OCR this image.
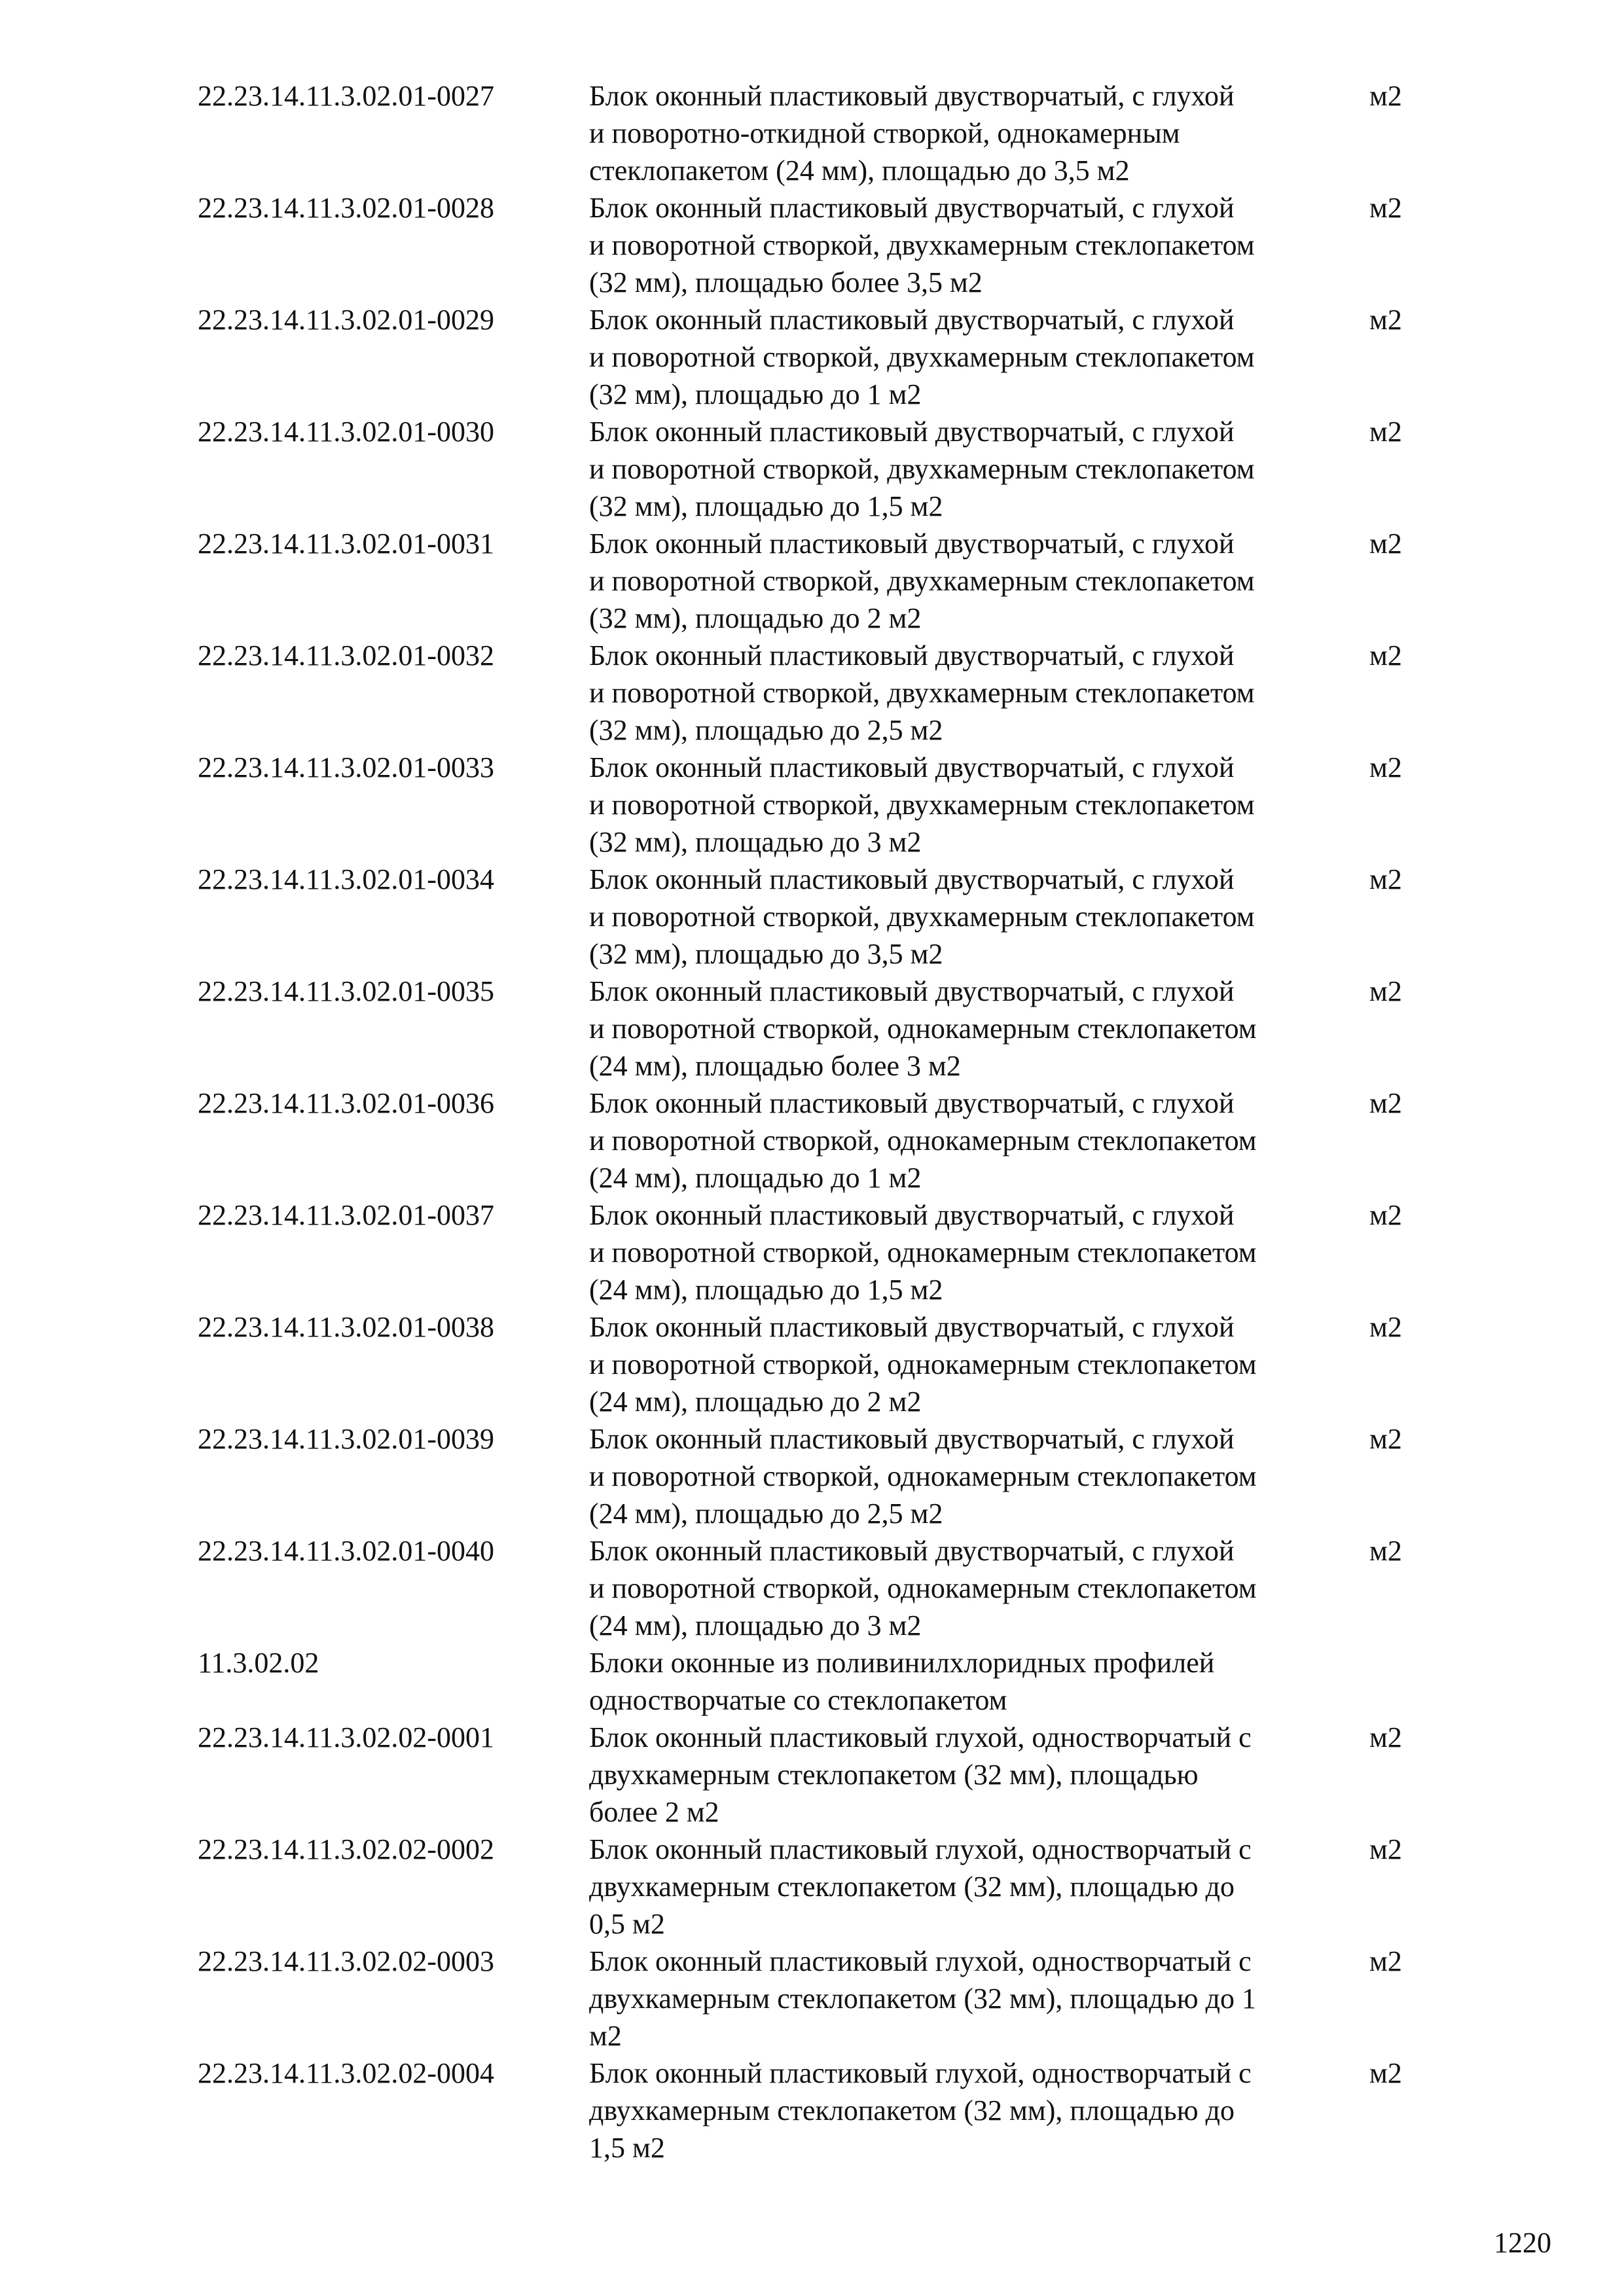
22.23.14.11.3.02.01-0027	Блок оконный пластиковый двустворчатый, с глухой
и поворотно-откидной створкой, однокамерным
стеклопакетом (24 мм), площадью до 3,5 м2	м2
22.23.14.11.3.02.01-0028	Блок оконный пластиковый двустворчатый, с глухой
и поворотной створкой, двухкамерным стеклопакетом
(32 мм), площадью более 3,5 м2	м2
22.23.14.11.3.02.01-0029	Блок оконный пластиковый двустворчатый, с глухой
и поворотной створкой, двухкамерным стеклопакетом
(32 мм), площадью до 1 м2	м2
22.23.14.11.3.02.01-0030	Блок оконный пластиковый двустворчатый, с глухой
и поворотной створкой, двухкамерным стеклопакетом
(32 мм), площадью до 1,5 м2	м2
22.23.14.11.3.02.01-0031	Блок оконный пластиковый двустворчатый, с глухой
и поворотной створкой, двухкамерным стеклопакетом
(32 мм), площадью до 2 м2	м2
22.23.14.11.3.02.01-0032	Блок оконный пластиковый двустворчатый, с глухой
и поворотной створкой, двухкамерным стеклопакетом
(32 мм), площадью до 2,5 м2	м2
22.23.14.11.3.02.01-0033	Блок оконный пластиковый двустворчатый, с глухой
и поворотной створкой, двухкамерным стеклопакетом
(32 мм), площадью до 3 м2	м2
22.23.14.11.3.02.01-0034	Блок оконный пластиковый двустворчатый, с глухой
и поворотной створкой, двухкамерным стеклопакетом
(32 мм), площадью до 3,5 м2	м2
22.23.14.11.3.02.01-0035	Блок оконный пластиковый двустворчатый, с глухой
и поворотной створкой, однокамерным стеклопакетом
(24 мм), площадью более 3 м2	м2
22.23.14.11.3.02.01-0036	Блок оконный пластиковый двустворчатый, с глухой
и поворотной створкой, однокамерным стеклопакетом
(24 мм), площадью до 1 м2	м2
22.23.14.11.3.02.01-0037	Блок оконный пластиковый двустворчатый, с глухой
и поворотной створкой, однокамерным стеклопакетом
(24 мм), площадью до 1,5 м2	м2
22.23.14.11.3.02.01-0038	Блок оконный пластиковый двустворчатый, с глухой
и поворотной створкой, однокамерным стеклопакетом
(24 мм), площадью до 2 м2	м2
22.23.14.11.3.02.01-0039	Блок оконный пластиковый двустворчатый, с глухой
и поворотной створкой, однокамерным стеклопакетом
(24 мм), площадью до 2,5 м2	м2
22.23.14.11.3.02.01-0040	Блок оконный пластиковый двустворчатый, с глухой
и поворотной створкой, однокамерным стеклопакетом
(24 мм), площадью до 3 м2	м2
11.3.02.02	Блоки оконные из поливинилхлоридных профилей
одностворчатые со стеклопакетом	

22.23.14.11.3.02.02-0001	Блок оконный пластиковый глухой, одностворчатый с
двухкамерным стеклопакетом (32 мм), площадью
более 2 м2	м2
22.23.14.11.3.02.02-0002	Блок оконный пластиковый глухой, одностворчатый с
двухкамерным стеклопакетом (32 мм), площадью до
0,5 м2	м2
22.23.14.11.3.02.02-0003	Блок оконный пластиковый глухой, одностворчатый с
двухкамерным стеклопакетом (32 мм), площадью до 1
м2	м2
22.23.14.11.3.02.02-0004	Блок оконный пластиковый глухой, одностворчатый с
двухкамерным стеклопакетом (32 мм), площадью до
1,5 м2	м2
1220
